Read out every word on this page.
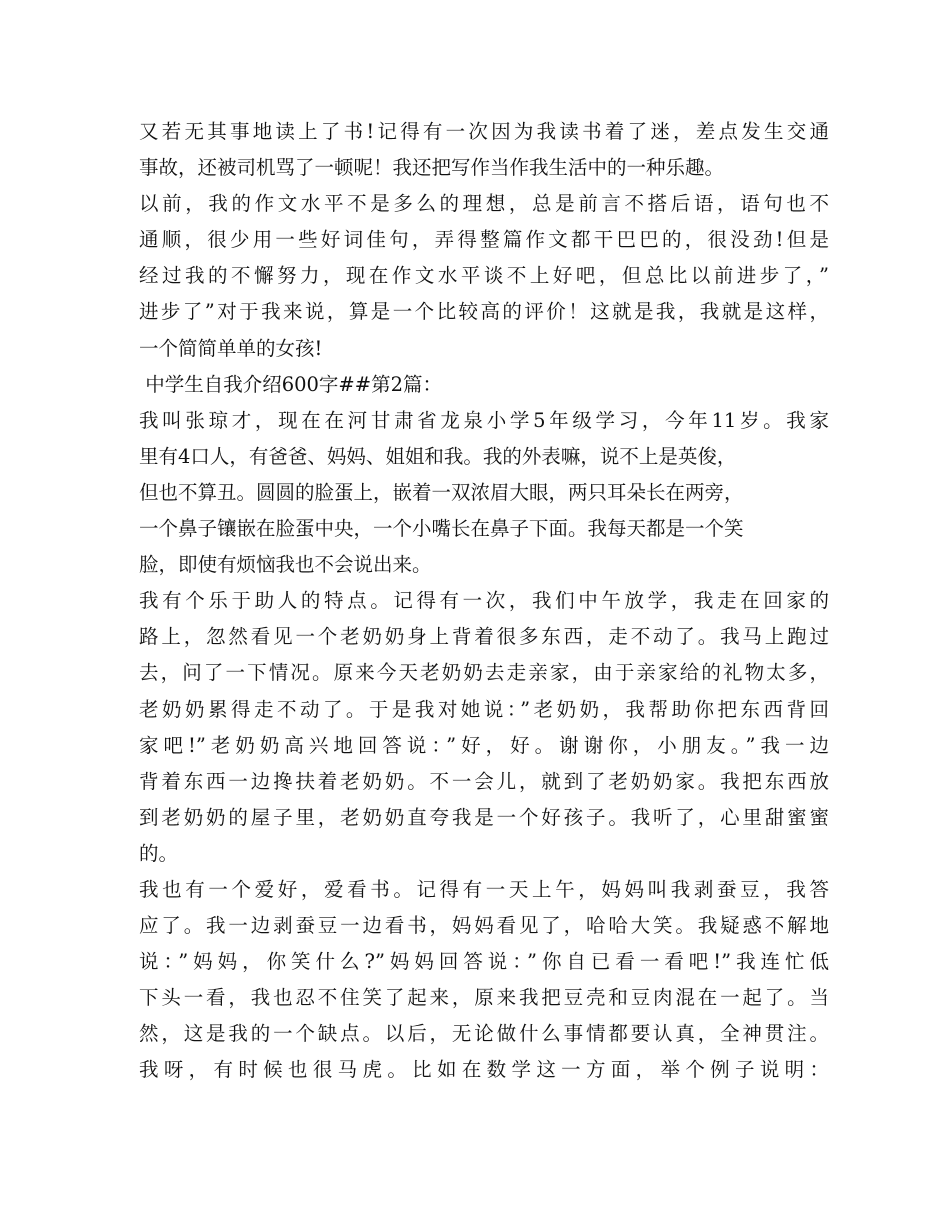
又若无其事地读上了书!记得有一次因为我读书着了迷，差点发生交通
事故，还被司机骂了一顿呢！我还把写作当作我生活中的一种乐趣。
以前，我的作文水平不是多么的理想，总是前言不搭后语，语句也不
通顺，很少用一些好词佳句，弄得整篇作文都干巴巴的，很没劲!但是
经过我的不懈努力，现在作文水平谈不上好吧，但总比以前进步了，”
进步了”对于我来说，算是一个比较高的评价！这就是我，我就是这样，
一个简简单单的女孩!
中学生自我介绍600字##第2篇：
我叫张琼才，现在在河甘肃省龙泉小学5年级学习，今年11岁。我家
里有4口人，有爸爸、妈妈、姐姐和我。我的外表嘛，说不上是英俊，
但也不算丑。圆圆的脸蛋上，嵌着一双浓眉大眼，两只耳朵长在两旁，
一个鼻子镶嵌在脸蛋中央，一个小嘴长在鼻子下面。我每天都是一个笑
脸，即使有烦恼我也不会说出来。
我有个乐于助人的特点。记得有一次，我们中午放学，我走在回家的
路上，忽然看见一个老奶奶身上背着很多东西，走不动了。我马上跑过
去，问了一下情况。原来今天老奶奶去走亲家，由于亲家给的礼物太多，
老奶奶累得走不动了。于是我对她说：”老奶奶，我帮助你把东西背回
家吧!”老奶奶高兴地回答说：”好，好。谢谢你，小朋友。”我一边
背着东西一边搀扶着老奶奶。不一会儿，就到了老奶奶家。我把东西放
到老奶奶的屋子里，老奶奶直夸我是一个好孩子。我听了，心里甜蜜蜜
的。
我也有一个爱好，爱看书。记得有一天上午，妈妈叫我剥蚕豆，我答
应了。我一边剥蚕豆一边看书，妈妈看见了，哈哈大笑。我疑惑不解地
说：”妈妈，你笑什么?”妈妈回答说：”你自已看一看吧!”我连忙低
下头一看，我也忍不住笑了起来，原来我把豆壳和豆肉混在一起了。当
然，这是我的一个缺点。以后，无论做什么事情都要认真，全神贯注。
我呀，有时候也很马虎。比如在数学这一方面，举个例子说明：
